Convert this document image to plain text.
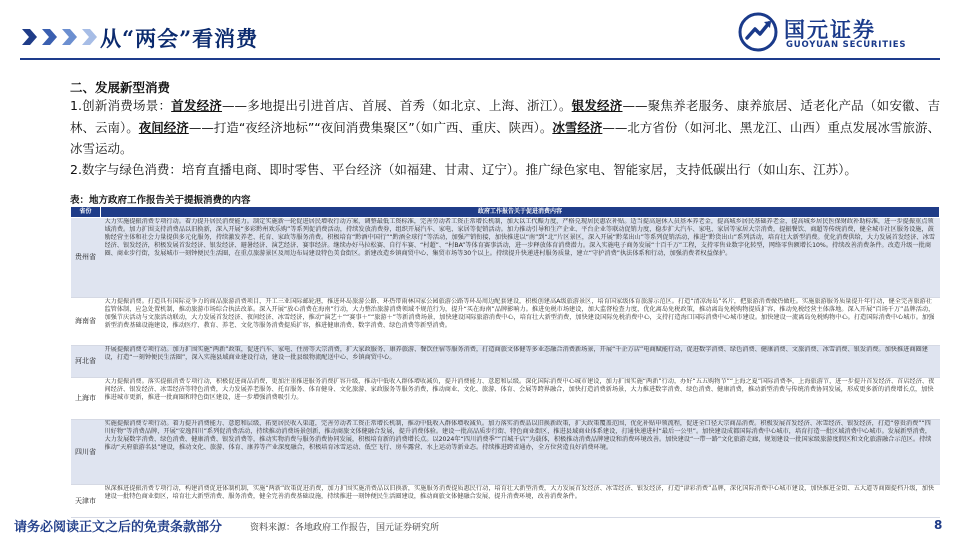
从“两会”看消费	国元证券
GUOYUAN SECURITIES
二、发展新型消费
1.创新消费场景：首发经济——多地提出引进首店、首展、首秀（如北京、上海、浙江）。银发经济——聚焦养老服务、康养旅居、适老化产品（如安徽、吉林、云南）。夜间经济——打造“夜经济地标”“夜间消费集聚区”（如广西、重庆、陕西）。冰雪经济——北方省份（如河北、黑龙江、山西）重点发展冰雪旅游、冰雪运动。
2.数字与绿色消费：培育直播电商、即时零售、平台经济（如福建、甘肃、辽宁）。推广绿色家电、智能家居，支持低碳出行（如山东、江苏）。
表：地方政府工作报告关于提振消费的内容
省份	政府工作报告关于促进消费内容
贵州省	大力实施提振消费专项行动。着力提升居民消费能力。制定实施新一轮促进居民增收行动方案，调整最低工资标准，完善劳动者工资正常增长机制，加大以工代赈力度，严格兑现居民惠农补贴。适当提高退休人员基本养老金，提高城乡居民基础养老金，提高城乡居民医保财政补助标准，进一步提振重点领域消费。加力扩围支持消费品以旧换新，深入开展“多彩黔州欢乐购”等系列促消费活动，持续发放消费券，组织开展汽车、家电、家居等促销活动。加力推动引导和生产企业、平台企业等联动促销力度，稳步扩大汽车、家电、家居等家居大宗消费，提振餐饮、商超等传统消费，健全城市社区服务设施，鼓励经营主体和社会力量提供多元化服务，持续激发养老、托育、家政等服务消费。积极培育“黔酒中国行”“黔酒全球行”等活动，加强产销衔接，加快推进以“南”到“北”片区景区，深入开展“黔菜出山”等系列促销活动，推进“黔货出山”系列活动，培育壮大新型消费。优化消费供给，大力发展首发经济、冰雪经济、银发经济，积极发展首发经济、银发经济、避暑经济、演艺经济、赛事经济。继续办好马拉松赛、自行车赛、“村超”、“村BA”等体育赛事活动，进一步释放体育消费潜力。深入实施电子商务发展“十百千万”工程，支持零售业数字化转型，网络零售额增长10%。持续改善消费条件。改造升级一批商圈、商业步行街，发展城市一刻钟便民生活圈，在重点旅游景区及周边布局建设特色美食街区。新建改造乡镇商贸中心、集贸市场等30个以上。持续提升快递进村服务质量，建立“守护消费”执法体系和行动，加强消费者权益保护。

海南省	大力提振消费。打造具有国际竞争力的商品旅游消费项目，开工三亚国际邮轮港，推进环岛旅游公路、环热带雨林国家公园旅游公路等环岛周边配套建设，积极创建高A级旅游景区，培育国家级体育旅游示范区。打造“清凉海岛”名片，把旅游消费做热做旺。实施旅游服务质量提升年行动，健全完善旅游社监管体制，应急处置机制，推动旅游市场综合执法改革。深入开展“放心消费在海南”行动，大力整治旅游消费领域不规范行为，提升“买在海南”品牌影响力。推进免税市场建设，加大监督检查力度，优化离岛免税政策，推动离岛免税购物提质扩容，推动免税经营主体落地。深入开展“百场千万”品牌活动，加强节庆活动与文旅活动联动，大力发展首发经济、夜间经济、冰雪经济，推动“演艺＋”“赛事＋”“旅游＋”等新消费场景，加快建设国际旅游消费中心，培育壮大新型消费，加快建设国际免税消费中心，支持打造海口国际消费中心城市建设。加快建设一流离岛免税购物中心。打造国际消费中心城市。加强新型消费基础设施建设，推动医疗、教育、养老、文化等服务消费提质扩容，推进健康消费、数字消费、绿色消费等新型消费。

河北省	开展提振消费专项行动。加力扩围实施“两新”政策，促进汽车、家电、住房等大宗消费，扩大家政服务、康养旅游、餐饮住宿等服务消费，打造商旅文体健等多业态融合消费新场景，开展“千企万店”电商赋能行动，促进数字消费、绿色消费、健康消费、文旅消费、冰雪消费、银发消费。加快推进商圈建设，打造“一刻钟便民生活圈”，深入实施县域商业建设行动，建设一批县级物流配送中心、乡镇商贸中心。

上海市	大力提振消费。落实提振消费专项行动，积极促进商品消费，更加注重推进服务消费扩容升级，推动中低收入群体增收减负，提升消费能力、意愿和层级。深化国际消费中心城市建设，加力扩围实施“两新”行动，办好“五五购物节”“上海之夏”国际消费季，上海旅游节，进一步提升首发经济、首店经济、夜间经济、银发经济、冰雪经济等特色消费，大力发展养老服务、托育服务、体育健身、文化旅游、家政服务等服务消费，推动商业、文化、旅游、体育、会展等跨界融合，加快打造消费新场景，大力推进数字消费、绿色消费、健康消费，推动新型消费与传统消费协同发展，形成更多新的消费增长点，加快推进城市更新，推进一批商圈和特色街区建设，进一步增强消费吸引力。

四川省	实施提振消费专项行动。着力提升消费能力、意愿和层级，拓宽居民收入渠道，完善劳动者工资正常增长机制，推动中低收入群体增收减负。加力落实消费品以旧换新政策，扩大政策覆盖范围，优化补贴申领流程，促进全口径大宗商品消费。积极发展首发经济、冰雪经济、银发经济，打造“蓉贵消费”“四川好物”等消费品牌，开展“安逸四川”系列促消费活动，持续推动消费场景创新，推动商旅文体健融合发展，提升消费体验。建设一批高品质步行街、特色商业街区，推进县域商业体系建设，打通快递进村“最后一公里”。加快建设成都国际消费中心城市，培育打造一批区域消费中心城市。发展新型消费，大力发展数字消费、绿色消费、健康消费、银发消费等，推动实物消费与服务消费协同发展，积极培育新的消费增长点。以2024年“四川消费季”“百城千店”为载体，积极推动消费品牌建设和消费环境改善。加快建设“一带一路”文化旅游走廊，规划建设一批国家级旅游度假区和文化旅游融合示范区。持续推动“天府旅游名县”建设，推动文化、旅游、体育、康养等产业深度融合，积极培育冰雪运动、低空飞行、房车露营、水上运动等新业态。持续推进跨省通办，全方位营造良好消费环境。

天津市	纵深推进提振消费专项行动，构建消费促进体制机制，实施“两新”政策促进消费，加力扩围实施消费品以旧换新，实施服务消费提质惠民行动，培育壮大新型消费，大力发展首发经济、冰雪经济、银发经济，打造“津彩消费”品牌，深化国际消费中心城市建设，加快推进金街、五大道等商圈提档升级，加快建设一批特色商业街区，培育壮大新型消费、服务消费，健全完善消费基础设施，持续推进一刻钟便民生活圈建设，推动商旅文体健融合发展，提升消费环境，改善消费条件。
请务必阅读正文之后的免责条款部分	资料来源：各地政府工作报告，国元证券研究所	8
